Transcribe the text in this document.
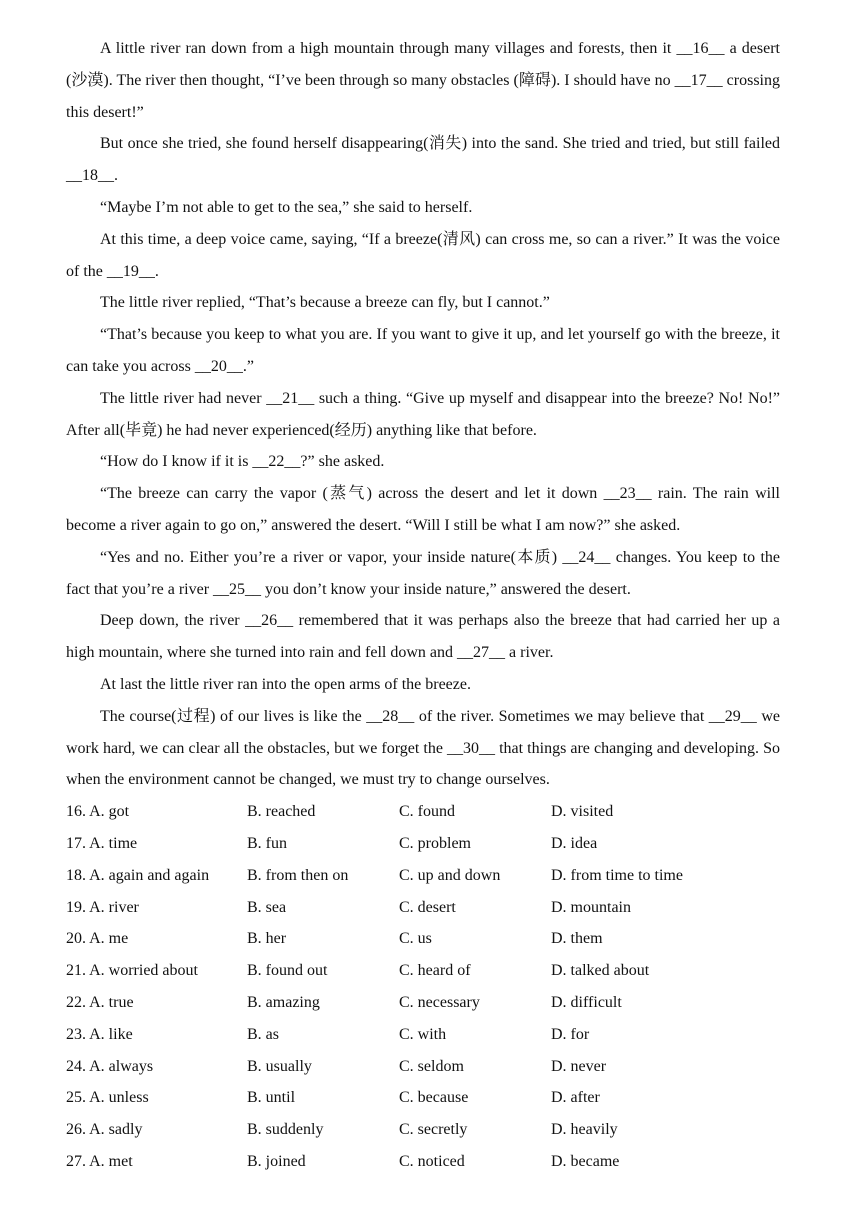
A little river ran down from a high mountain through many villages and forests, then it __16__ a desert (沙漠). The river then thought, “I’ve been through so many obstacles (障碍). I should have no __17__ crossing this desert!”

But once she tried, she found herself disappearing(消失) into the sand. She tried and tried, but still failed __18__.

“Maybe I’m not able to get to the sea,” she said to herself.

At this time, a deep voice came, saying, “If a breeze(清风) can cross me, so can a river.” It was the voice of the __19__.

The little river replied, “That’s because a breeze can fly, but I cannot.”

“That’s because you keep to what you are. If you want to give it up, and let yourself go with the breeze, it can take you across __20__.”

The little river had never __21__ such a thing. “Give up myself and disappear into the breeze? No! No!” After all(毕竟) he had never experienced(经历) anything like that before.

“How do I know if it is __22__?” she asked.

“The breeze can carry the vapor (蒸气) across the desert and let it down __23__ rain. The rain will become a river again to go on,” answered the desert. “Will I still be what I am now?” she asked.

“Yes and no. Either you’re a river or vapor, your inside nature(本质) __24__ changes. You keep to the fact that you’re a river __25__ you don’t know your inside nature,” answered the desert.

Deep down, the river __26__ remembered that it was perhaps also the breeze that had carried her up a high mountain, where she turned into rain and fell down and __27__ a river.

At last the little river ran into the open arms of the breeze.

The course(过程) of our lives is like the __28__ of the river. Sometimes we may believe that __29__ we work hard, we can clear all the obstacles, but we forget the __30__ that things are changing and developing. So when the environment cannot be changed, we must try to change ourselves.

16. A. got	B. reached	C. found	D. visited
17. A. time	B. fun	C. problem	D. idea
18. A. again and again B. from then on	C. up and down	D. from time to time
19. A. river	B. sea	C. desert	D. mountain
20. A. me	B. her	C. us	D. them
21. A. worried about	B. found out	C. heard of	D. talked about
22. A. true	B. amazing	C. necessary	D. difficult
23. A. like	B. as	C. with	D. for
24. A. always	B. usually	C. seldom	D. never
25. A. unless	B. until	C. because	D. after
26. A. sadly	B. suddenly	C. secretly	D. heavily
27. A. met	B. joined	C. noticed	D. became
